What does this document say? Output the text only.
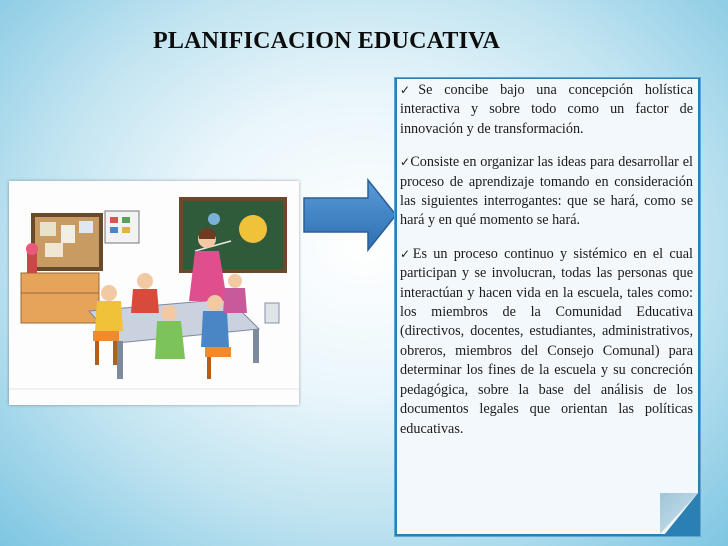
PLANIFICACION EDUCATIVA

✓Se concibe bajo una concepción holística interactiva y sobre todo como un factor de innovación y de transformación.

✓Consiste en organizar las ideas para desarrollar el proceso de aprendizaje tomando en consideración las siguientes interrogantes: que se hará, como se hará y en qué momento se hará.

✓Es un proceso continuo y sistémico en el cual participan y se involucran, todas las personas que interactúan y hacen vida en la escuela, tales como: los miembros de la Comunidad Educativa (directivos, docentes, estudiantes, administrativos, obreros, miembros del Consejo Comunal) para determinar los fines de la escuela y su concreción pedagógica, sobre la base del análisis de los documentos legales que orientan las políticas educativas.
